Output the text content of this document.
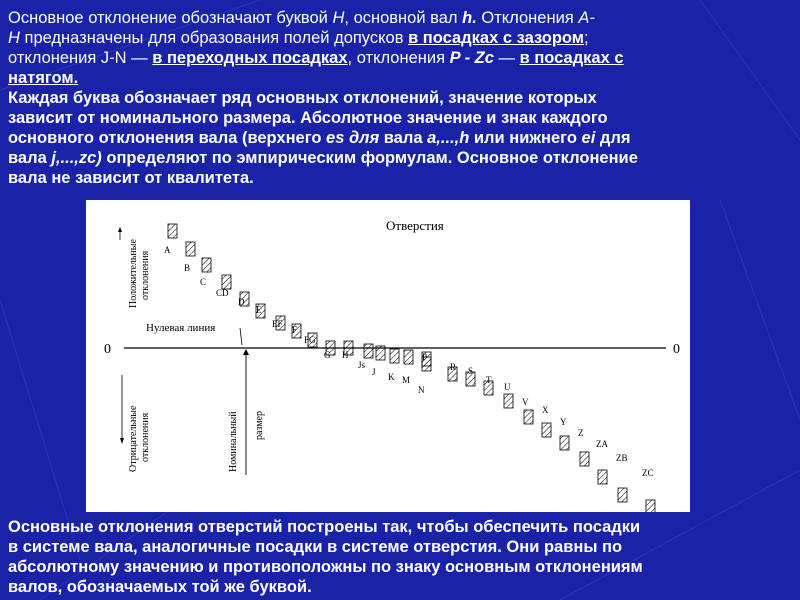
Основное отклонение обозначают буквой H, основной вал h. Отклонения A-
H предназначены для образования полей допусков в посадках с зазором;
отклонения J-N — в переходных посадках, отклонения P - Zc — в посадках с
натягом.
Каждая буква обозначает ряд основных отклонений, значение которых
зависит от номинального размера. Абсолютное значение и знак каждого
основного отклонения вала (верхнего es для вала a,...,h или нижнего ei для
вала j,...,zc) определяют по эмпирическим формулам. Основное отклонение
вала не зависит от квалитета.
Отверстия
0	0
Нулевая линия
Положительные отклонения
Отрицательные отклонения	Номинальный размер
A
B
C
CD
D
E
EF
F
FG
G H
Js
J K M
N
P
R S
T
U
V
X
Y
Z
ZA
ZB
ZC
Основные отклонения отверстий построены так, чтобы обеспечить посадки
в системе вала, аналогичные посадки в системе отверстия. Они равны по
абсолютному значению и противоположны по знаку основным отклонениям
валов, обозначаемых той же буквой.
